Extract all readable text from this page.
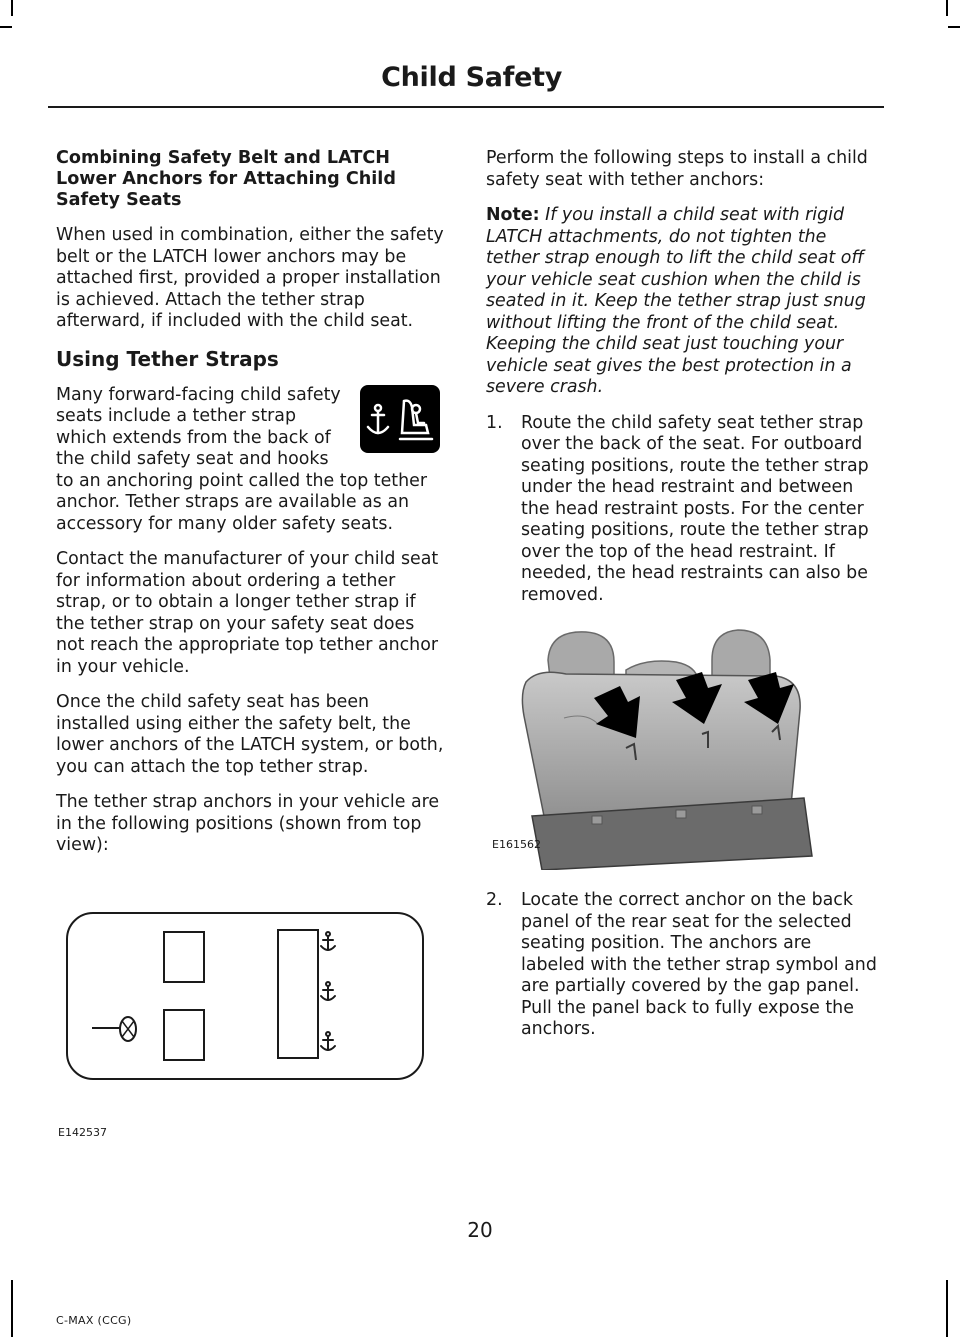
Child Safety
Combining Safety Belt and LATCH Lower Anchors for Attaching Child Safety Seats

When used in combination, either the safety belt or the LATCH lower anchors may be attached first, provided a proper installation is achieved. Attach the tether strap afterward, if included with the child seat.

Using Tether Straps

Many forward-facing child safety seats include a tether strap which extends from the back of the child safety seat and hooks to an anchoring point called the top tether anchor. Tether straps are available as an accessory for many older safety seats.

Contact the manufacturer of your child seat for information about ordering a tether strap, or to obtain a longer tether strap if the tether strap on your safety seat does not reach the appropriate top tether anchor in your vehicle.

Once the child safety seat has been installed using either the safety belt, the lower anchors of the LATCH system, or both, you can attach the top tether strap.

The tether strap anchors in your vehicle are in the following positions (shown from top view):

E142537

Perform the following steps to install a child safety seat with tether anchors:

Note: If you install a child seat with rigid LATCH attachments, do not tighten the tether strap enough to lift the child seat off your vehicle seat cushion when the child is seated in it. Keep the tether strap just snug without lifting the front of the child seat. Keeping the child seat just touching your vehicle seat gives the best protection in a severe crash.

1. Route the child safety seat tether strap over the back of the seat. For outboard seating positions, route the tether strap under the head restraint and between the head restraint posts. For the center seating positions, route the tether strap over the top of the head restraint. If needed, the head restraints can also be removed.
E161562
2. Locate the correct anchor on the back panel of the rear seat for the selected seating position. The anchors are labeled with the tether strap symbol and are partially covered by the gap panel. Pull the panel back to fully expose the anchors.
20
C-MAX (CCG)
